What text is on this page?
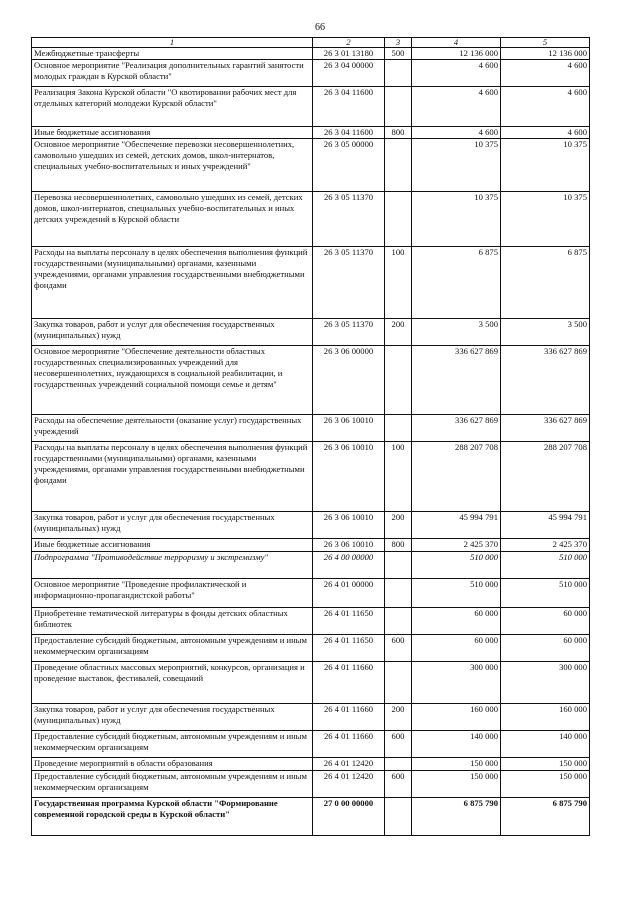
66
1	2	3	4	5
Межбюджетные трансферты	26 3 01 13180	500	12 136 000	12 136 000
Основное мероприятие "Реализация дополнительных гарантий занятости молодых граждан в Курской области"	26 3 04 00000		4 600	4 600
Реализация Закона Курской области "О квотировании рабочих мест для отдельных категорий молодежи Курской области"	26 3 04 11600		4 600	4 600
Иные бюджетные ассигнования	26 3 04 11600	800	4 600	4 600
Основное мероприятие "Обеспечение перевозки несовершеннолетних, самовольно ушедших из семей, детских домов, школ-интернатов, специальных учебно-воспитательных и иных учреждений"	26 3 05 00000		10 375	10 375
Перевозка несовершеннолетних, самовольно ушедших из семей, детских домов, школ-интернатов, специальных учебно-воспитательных и иных детских учреждений в Курской области	26 3 05 11370		10 375	10 375
Расходы на выплаты персоналу в целях обеспечения выполнения функций государственными (муниципальными) органами, казенными учреждениями, органами управления государственными внебюджетными фондами	26 3 05 11370	100	6 875	6 875
Закупка товаров, работ и услуг для обеспечения государственных (муниципальных) нужд	26 3 05 11370	200	3 500	3 500
Основное мероприятие "Обеспечение деятельности областных государственных специализированных учреждений для несовершеннолетних, нуждающихся в социальной реабилитации, и государственных учреждений социальной помощи семье и детям"	26 3 06 00000		336 627 869	336 627 869
Расходы на обеспечение деятельности (оказание услуг) государственных учреждений	26 3 06 10010		336 627 869	336 627 869
Расходы на выплаты персоналу в целях обеспечения выполнения функций государственными (муниципальными) органами, казенными учреждениями, органами управления государственными внебюджетными фондами	26 3 06 10010	100	288 207 708	288 207 708
Закупка товаров, работ и услуг для обеспечения государственных (муниципальных) нужд	26 3 06 10010	200	45 994 791	45 994 791
Иные бюджетные ассигнования	26 3 06 10010	800	2 425 370	2 425 370
Подпрограмма "Противодействие терроризму и экстремизму"	26 4 00 00000		510 000	510 000
Основное мероприятие "Проведение профилактической и информационно-пропагандистской работы"	26 4 01 00000		510 000	510 000
Приобретение тематической литературы в фонды детских областных библиотек	26 4 01 11650		60 000	60 000
Предоставление субсидий бюджетным, автономным учреждениям и иным некоммерческим организациям	26 4 01 11650	600	60 000	60 000
Проведение областных массовых мероприятий, конкурсов, организация и проведение выставок, фестивалей, совещаний	26 4 01 11660		300 000	300 000
Закупка товаров, работ и услуг для обеспечения государственных (муниципальных) нужд	26 4 01 11660	200	160 000	160 000
Предоставление субсидий бюджетным, автономным учреждениям и иным некоммерческим организациям	26 4 01 11660	600	140 000	140 000
Проведение мероприятий в области образования	26 4 01 12420		150 000	150 000
Предоставление субсидий бюджетным, автономным учреждениям и иным некоммерческим организациям	26 4 01 12420	600	150 000	150 000
Государственная программа Курской области "Формирование современной городской среды в Курской области"	27 0 00 00000		6 875 790	6 875 790
